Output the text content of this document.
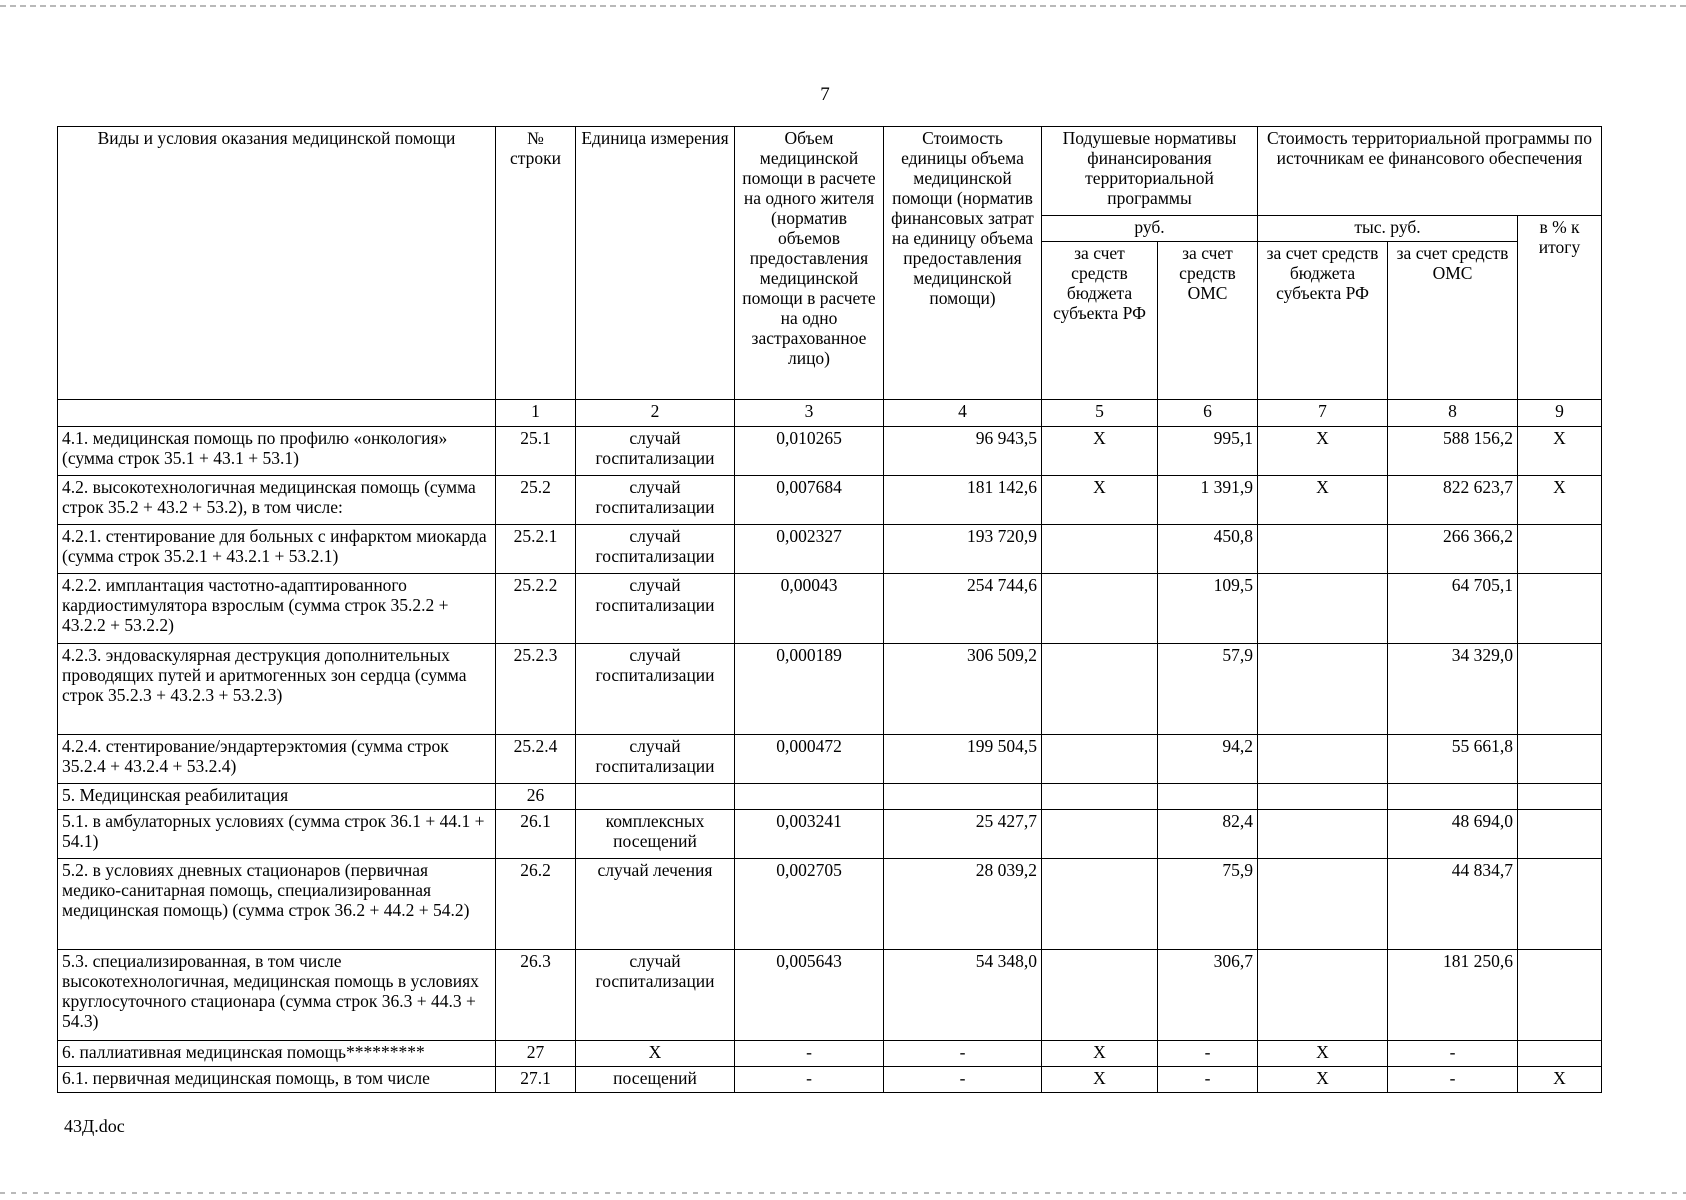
7
Виды и условия оказания медицинской помощи	№ строки	Единица измерения	Объем медицинской помощи в расчете на одного жителя (норматив объемов предоставления медицинской помощи в расчете на одно застрахованное лицо)	Стоимость единицы объема медицинской помощи (норматив финансовых затрат на единицу объема предоставления медицинской помощи)	Подушевые нормативы финансирования территориальной программы		Стоимость территориальной программы по источникам ее финансового обеспечения		
					руб.		тыс. руб.		в % к итогу
					за счет средств бюджета субъекта РФ	за счет средств ОМС	за счет средств бюджета субъекта РФ	за счет средств ОМС	
	1	2	3	4	5	6	7	8	9
4.1. медицинская помощь по профилю «онкология» (сумма строк 35.1 + 43.1 + 53.1)	25.1	случай госпитализации	0,010265	96 943,5	X	995,1	X	588 156,2	X
4.2. высокотехнологичная медицинская помощь (сумма строк 35.2 + 43.2 + 53.2), в том числе:	25.2	случай госпитализации	0,007684	181 142,6	X	1 391,9	X	822 623,7	X
4.2.1. стентирование для больных с инфарктом миокарда (сумма строк 35.2.1 + 43.2.1 + 53.2.1)	25.2.1	случай госпитализации	0,002327	193 720,9		450,8		266 366,2	
4.2.2. имплантация частотно-адаптированного кардиостимулятора взрослым (сумма строк 35.2.2 + 43.2.2 + 53.2.2)	25.2.2	случай госпитализации	0,00043	254 744,6		109,5		64 705,1	
4.2.3. эндоваскулярная деструкция дополнительных проводящих путей и аритмогенных зон сердца (сумма строк 35.2.3 + 43.2.3 + 53.2.3)	25.2.3	случай госпитализации	0,000189	306 509,2		57,9		34 329,0	
4.2.4. стентирование/эндартерэктомия (сумма строк 35.2.4 + 43.2.4 + 53.2.4)	25.2.4	случай госпитализации	0,000472	199 504,5		94,2		55 661,8	
5. Медицинская реабилитация	26								
5.1. в амбулаторных условиях (сумма строк 36.1 + 44.1 + 54.1)	26.1	комплексных посещений	0,003241	25 427,7		82,4		48 694,0	
5.2. в условиях дневных стационаров (первичная медико-санитарная помощь, специализированная медицинская помощь) (сумма строк 36.2 + 44.2 + 54.2)	26.2	случай лечения	0,002705	28 039,2		75,9		44 834,7	
5.3. специализированная, в том числе высокотехнологичная, медицинская помощь в условиях круглосуточного стационара (сумма строк 36.3 + 44.3 + 54.3)	26.3	случай госпитализации	0,005643	54 348,0		306,7		181 250,6	
6. паллиативная медицинская помощь*********	27	X	-	-	X	-	X	-	
6.1. первичная медицинская помощь, в том числе	27.1	посещений	-	-	X	-	X	-	X
43Д.doc
